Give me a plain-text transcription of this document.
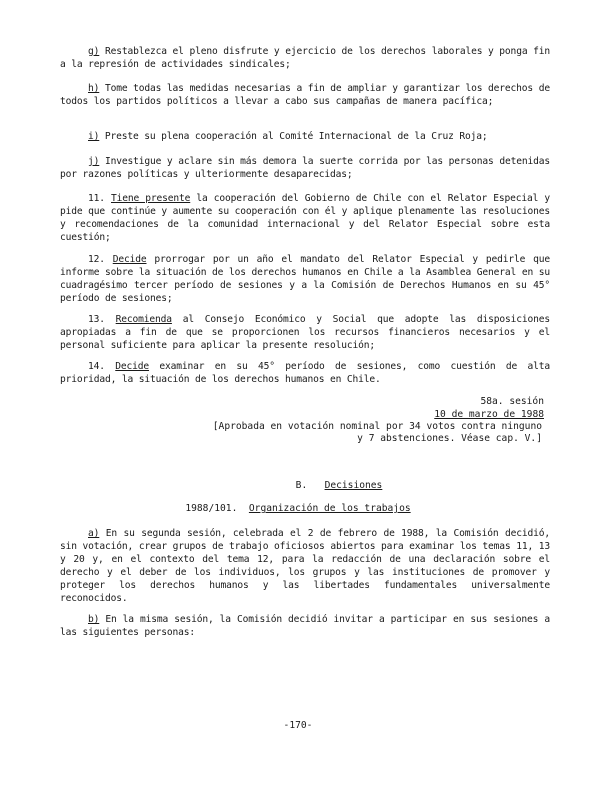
g) Restablezca el pleno disfrute y ejercicio de los derechos laborales y ponga fin a la represión de actividades sindicales;
h) Tome todas las medidas necesarias a fin de ampliar y garantizar los derechos de todos los partidos políticos a llevar a cabo sus campañas de manera pacífica;
i) Preste su plena cooperación al Comité Internacional de la Cruz Roja;
j) Investigue y aclare sin más demora la suerte corrida por las personas detenidas por razones políticas y ulteriormente desaparecidas;
11. Tiene presente la cooperación del Gobierno de Chile con el Relator Especial y pide que continúe y aumente su cooperación con él y aplique plenamente las resoluciones y recomendaciones de la comunidad internacional y del Relator Especial sobre esta cuestión;
12. Decide prorrogar por un año el mandato del Relator Especial y pedirle que informe sobre la situación de los derechos humanos en Chile a la Asamblea General en su cuadragésimo tercer período de sesiones y a la Comisión de Derechos Humanos en su 45° período de sesiones;
13. Recomienda al Consejo Económico y Social que adopte las disposiciones apropiadas a fin de que se proporcionen los recursos financieros necesarios y el personal suficiente para aplicar la presente resolución;
14. Decide examinar en su 45° período de sesiones, como cuestión de alta prioridad, la situación de los derechos humanos en Chile.
58a. sesión
10 de marzo de 1988
[Aprobada en votación nominal por 34 votos contra ninguno
y 7 abstenciones. Véase cap. V.]
B. Decisiones
1988/101. Organización de los trabajos
a) En su segunda sesión, celebrada el 2 de febrero de 1988, la Comisión decidió, sin votación, crear grupos de trabajo oficiosos abiertos para examinar los temas 11, 13 y 20 y, en el contexto del tema 12, para la redacción de una declaración sobre el derecho y el deber de los individuos, los grupos y las instituciones de promover y proteger los derechos humanos y las libertades fundamentales universalmente reconocidos.
b) En la misma sesión, la Comisión decidió invitar a participar en sus sesiones a las siguientes personas:
-170-
